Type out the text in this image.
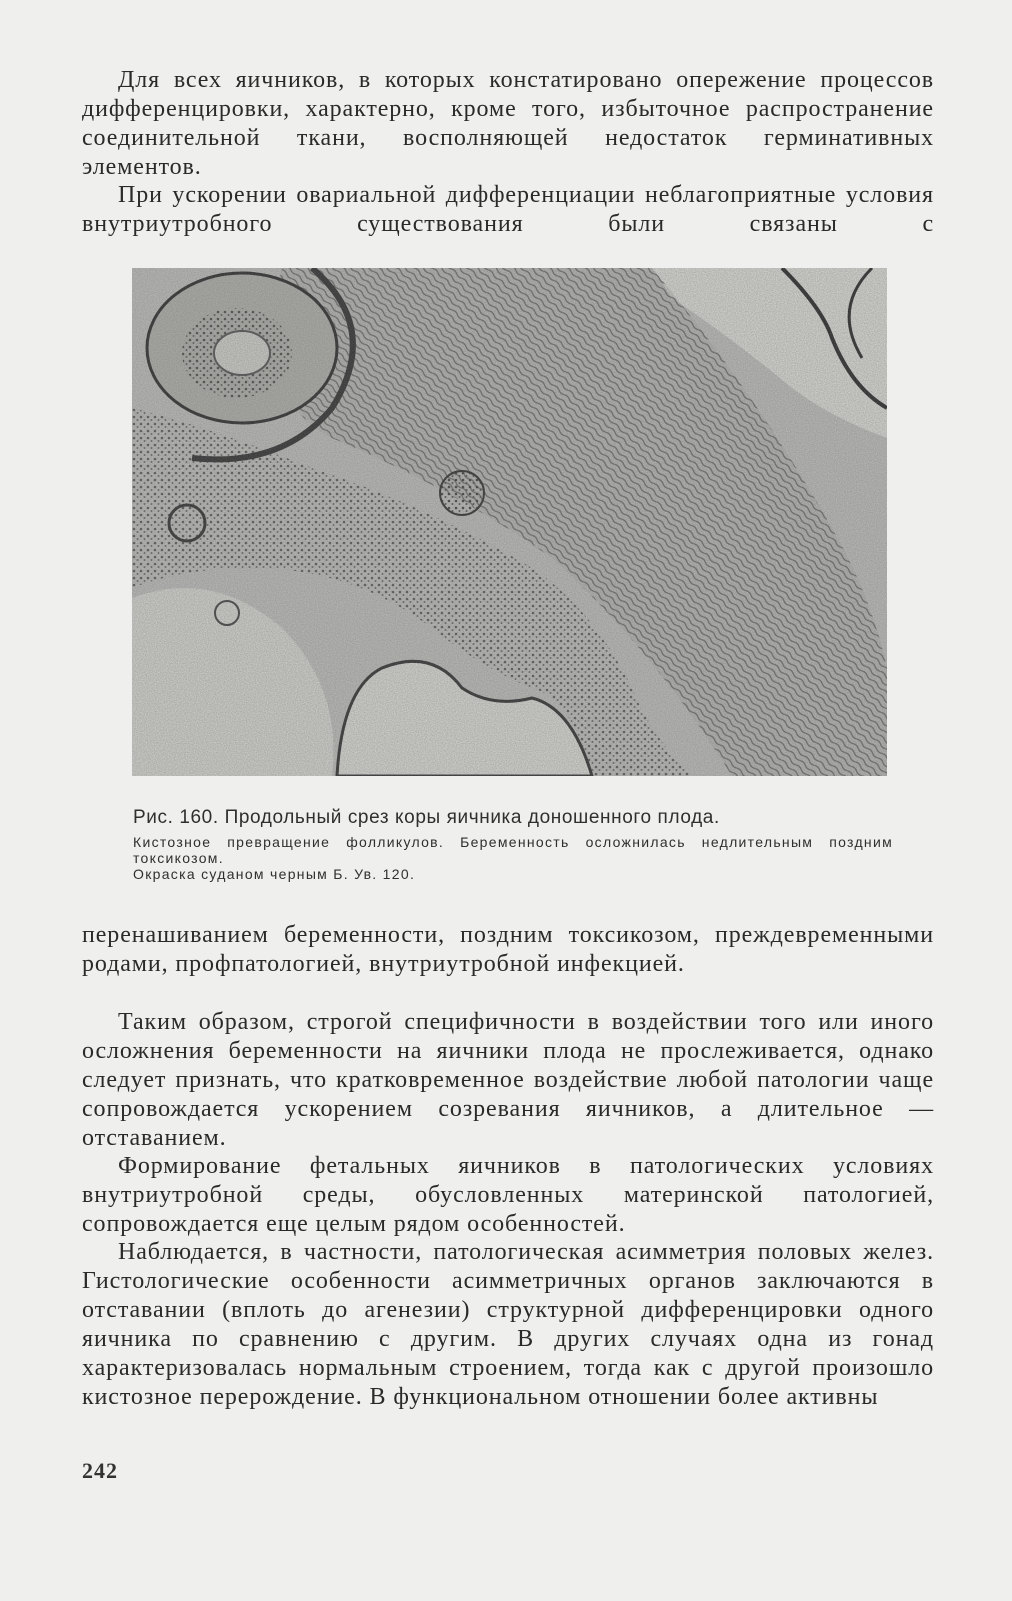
Для всех яичников, в которых констатировано опережение процессов дифференцировки, характерно, кроме того, избыточное распространение соединительной ткани, восполняющей недостаток герминативных элементов.

При ускорении овариальной дифференциации неблагоприятные условия внутриутробного существования были связаны с

Рис. 160. Продольный срез коры яичника доношенного плода.

Кистозное превращение фолликулов. Беременность осложнилась недлительным поздним токсикозом.

Окраска суданом черным Б. Ув. 120.

перенашиванием беременности, поздним токсикозом, преждевременными родами, профпатологией, внутриутробной инфекцией.

Таким образом, строгой специфичности в воздействии того или иного осложнения беременности на яичники плода не прослеживается, однако следует признать, что кратковременное воздействие любой патологии чаще сопровождается ускорением созревания яичников, а длительное — отставанием.

Формирование фетальных яичников в патологических условиях внутриутробной среды, обусловленных материнской патологией, сопровождается еще целым рядом особенностей.

Наблюдается, в частности, патологическая асимметрия половых желез. Гистологические особенности асимметричных органов заключаются в отставании (вплоть до агенезии) структурной дифференцировки одного яичника по сравнению с другим. В других случаях одна из гонад характеризовалась нормальным строением, тогда как с другой произошло кистозное перерождение. В функциональном отношении более активны

242
